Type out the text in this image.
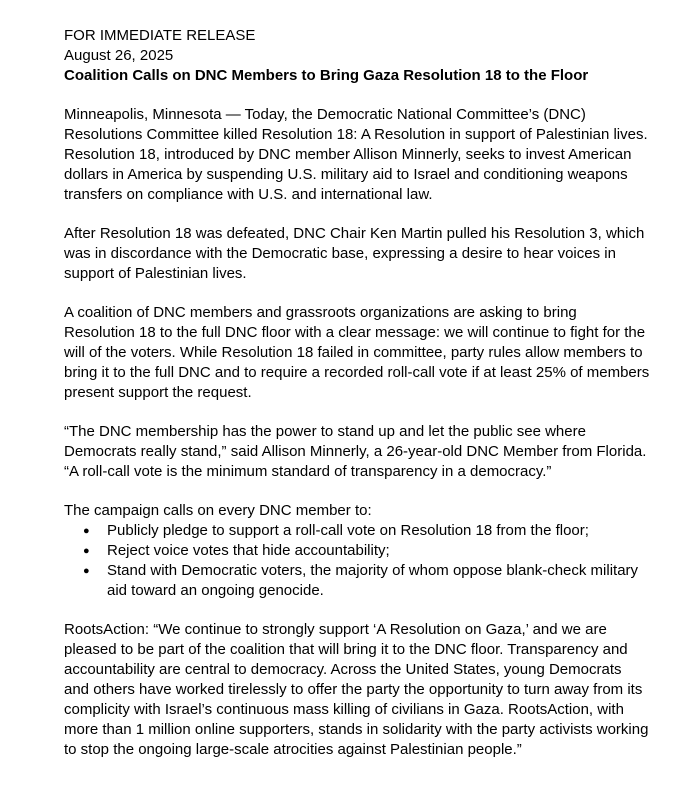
FOR IMMEDIATE RELEASE
August 26, 2025
Coalition Calls on DNC Members to Bring Gaza Resolution 18 to the Floor

Minneapolis, Minnesota — Today, the Democratic National Committee’s (DNC) Resolutions Committee killed Resolution 18: A Resolution in support of Palestinian lives. Resolution 18, introduced by DNC member Allison Minnerly, seeks to invest American dollars in America by suspending U.S. military aid to Israel and conditioning weapons transfers on compliance with U.S. and international law.

After Resolution 18 was defeated, DNC Chair Ken Martin pulled his Resolution 3, which was in discordance with the Democratic base, expressing a desire to hear voices in support of Palestinian lives.

A coalition of DNC members and grassroots organizations are asking to bring Resolution 18 to the full DNC floor with a clear message: we will continue to fight for the will of the voters. While Resolution 18 failed in committee, party rules allow members to bring it to the full DNC and to require a recorded roll-call vote if at least 25% of members present support the request.

“The DNC membership has the power to stand up and let the public see where Democrats really stand,” said Allison Minnerly, a 26-year-old DNC Member from Florida. “A roll-call vote is the minimum standard of transparency in a democracy.”

The campaign calls on every DNC member to:
● Publicly pledge to support a roll-call vote on Resolution 18 from the floor;
● Reject voice votes that hide accountability;
● Stand with Democratic voters, the majority of whom oppose blank-check military aid toward an ongoing genocide.

RootsAction: “We continue to strongly support ‘A Resolution on Gaza,’ and we are pleased to be part of the coalition that will bring it to the DNC floor. Transparency and accountability are central to democracy. Across the United States, young Democrats and others have worked tirelessly to offer the party the opportunity to turn away from its complicity with Israel’s continuous mass killing of civilians in Gaza. RootsAction, with more than 1 million online supporters, stands in solidarity with the party activists working to stop the ongoing large-scale atrocities against Palestinian people.”
